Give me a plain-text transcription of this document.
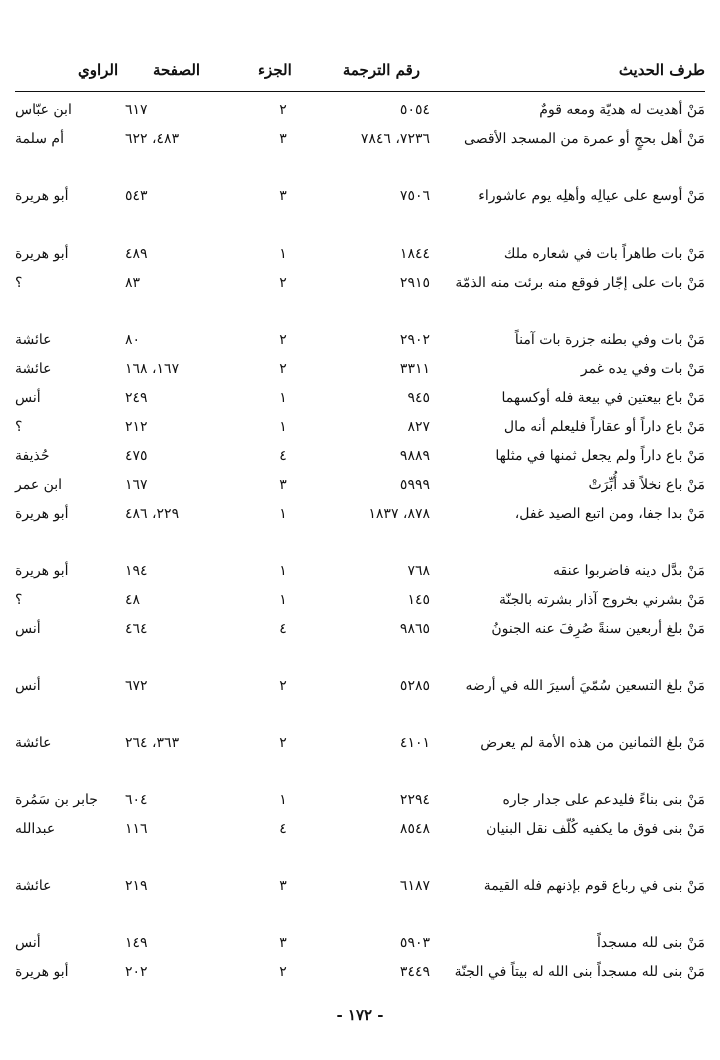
طرف الحديث
رقم الترجمة
الجزء
الصفحة
الراوي
مَنْ أهديت له هديّة ومعه قومٌ
٥٠٥٤
٢
٦١٧
ابن عبّاس
مَنْ أهل بحجٍ أو عمرة من المسجد الأقصى
٧٢٣٦، ٧٨٤٦
٣
٤٨٣، ٦٢٢
أم سلمة
مَنْ أوسع على عيالِه وأهلِه يوم عاشوراء
٧٥٠٦
٣
٥٤٣
أبو هريرة
مَنْ بات طاهراً بات في شعاره ملك
١٨٤٤
١
٤٨٩
أبو هريرة
مَنْ بات على إجّار فوقع منه برئت منه الذمّة
٢٩١٥
٢
٨٣
؟
مَنْ بات وفي بطنه جزرة بات آمناً
٢٩٠٢
٢
٨٠
عائشة
مَنْ بات وفي يده غمر
٣٣١١
٢
١٦٧، ١٦٨
عائشة
مَنْ باع بيعتين في بيعة فله أوكسهما
٩٤٥
١
٢٤٩
أنس
مَنْ باع داراً أو عقاراً فليعلم أنه مال
٨٢٧
١
٢١٢
؟
مَنْ باع داراً ولم يجعل ثمنها في مثلها
٩٨٨٩
٤
٤٧٥
حُذيفة
مَنْ باع نخلاً قد أُبِّرَتْ
٥٩٩٩
٣
١٦٧
ابن عمر
مَنْ بدا جفا، ومن اتبع الصيد غفل،
٨٧٨، ١٨٣٧
١
٢٢٩، ٤٨٦
أبو هريرة
مَنْ بدَّل دينه فاضربوا عنقه
٧٦٨
١
١٩٤
أبو هريرة
مَنْ بشرني بخروج آذار بشرته بالجنّة
١٤٥
١
٤٨
؟
مَنْ بلغ أربعين سنةً صُرِفَ عنه الجنونُ
٩٨٦٥
٤
٤٦٤
أنس
مَنْ بلغ التسعين سُمّيَ أسيرَ الله في أرضه
٥٢٨٥
٢
٦٧٢
أنس
مَنْ بلغ الثمانين من هذه الأمة لم يعرض
٤١٠١
٢
٣٦٣، ٢٦٤
عائشة
مَنْ بنى بناءً فليدعم على جدار جاره
٢٢٩٤
١
٦٠٤
جابر بن سَمُرة
مَنْ بنى فوق ما يكفيه كُلّف نقل البنيان
٨٥٤٨
٤
١١٦
عبدالله
مَنْ بنى في رباع قوم بإذنهم فله القيمة
٦١٨٧
٣
٢١٩
عائشة
مَنْ بنى لله مسجداً
٥٩٠٣
٣
١٤٩
أنس
مَنْ بنى لله مسجداً بنى الله له بيتاً في الجنّة
٣٤٤٩
٢
٢٠٢
أبو هريرة
- ١٧٢ -
